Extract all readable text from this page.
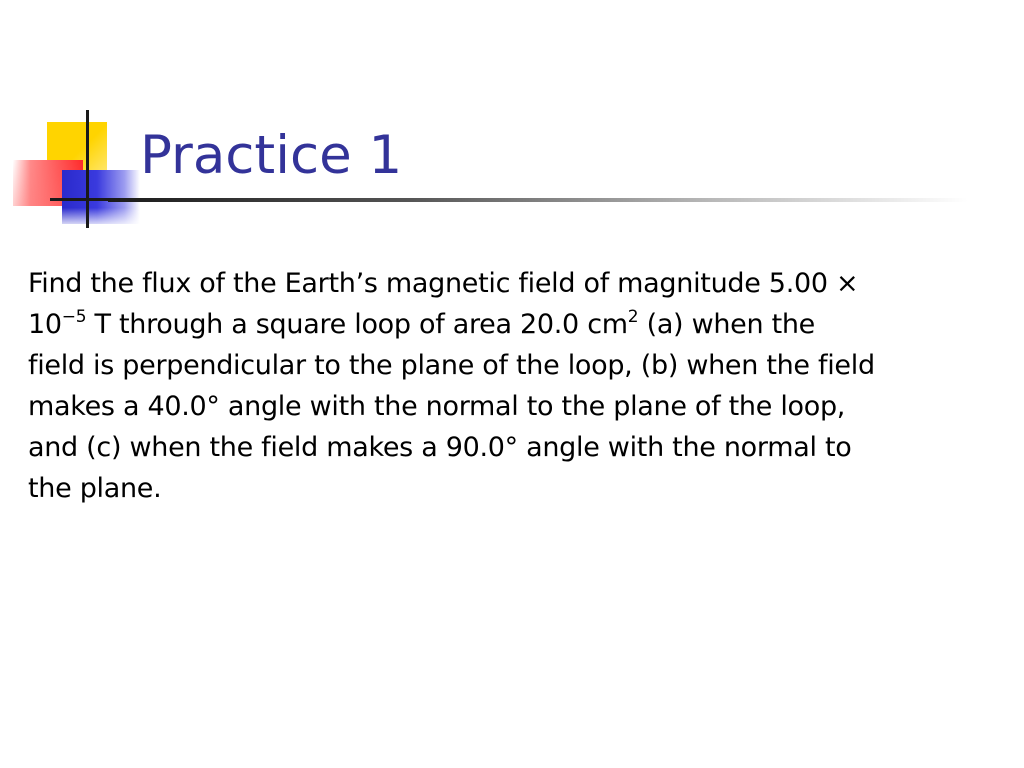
Practice 1

Find the flux of the Earth’s magnetic field of magnitude 5.00 ×
$10^{-5}$ T through a square loop of area 20.0 $cm^2$ (a) when the
field is perpendicular to the plane of the loop, (b) when the field
makes a 40.0° angle with the normal to the plane of the loop,
and (c) when the field makes a 90.0° angle with the normal to
the plane.
